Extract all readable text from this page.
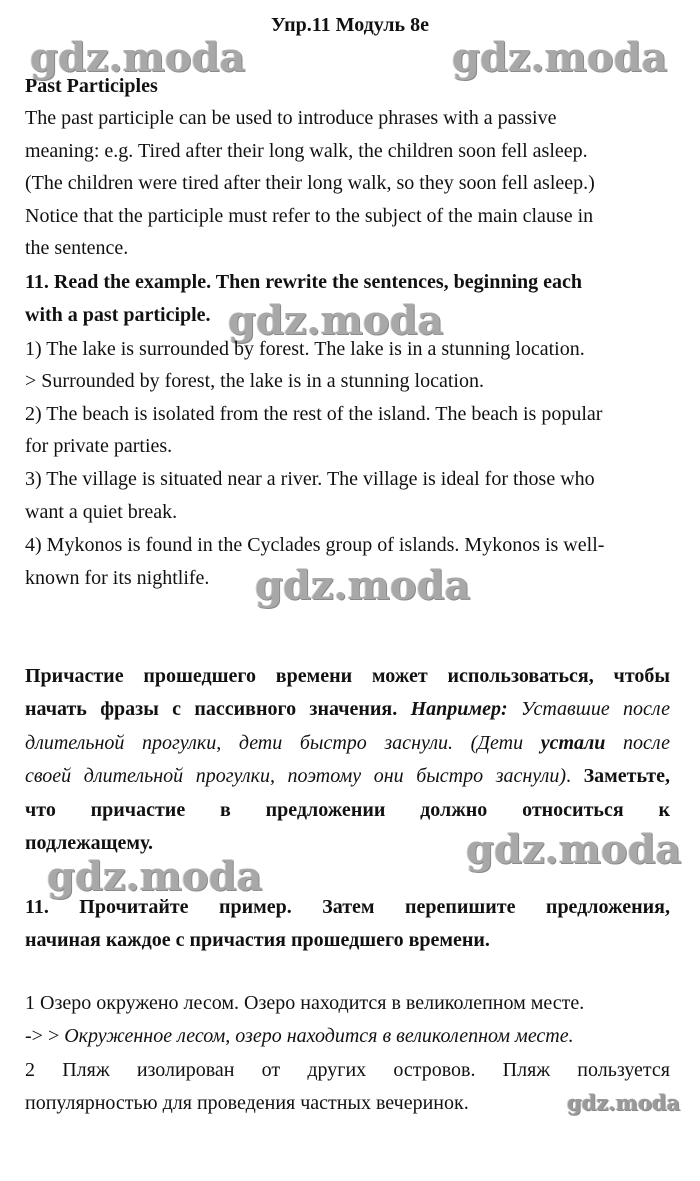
Упр.11 Модуль 8е
gdz.moda	gdz.moda
gdz.moda
gdz.moda
gdz.moda
gdz.moda
gdz.moda
Past Participles
The past participle can be used to introduce phrases with a passive
meaning: e.g. Tired after their long walk, the children soon fell asleep.
(The children were tired after their long walk, so they soon fell asleep.)
Notice that the participle must refer to the subject of the main clause in
the sentence.
11. Read the example. Then rewrite the sentences, beginning each
with a past participle.
1) The lake is surrounded by forest. The lake is in a stunning location.
> Surrounded by forest, the lake is in a stunning location.
2) The beach is isolated from the rest of the island. The beach is popular
for private parties.
3) The village is situated near a river. The village is ideal for those who
want a quiet break.
4) Mykonos is found in the Cyclades group of islands. Mykonos is well-
known for its nightlife.
Причастие прошедшего времени может использоваться, чтобы
начать фразы с пассивного значения. Например: Уставшие после
длительной прогулки, дети быстро заснули. (Дети устали после
своей длительной прогулки, поэтому они быстро заснули). Заметьте,
что причастие в предложении должно относиться к
подлежащему.
11. Прочитайте пример. Затем перепишите предложения,
начиная каждое с причастия прошедшего времени.
1 Озеро окружено лесом. Озеро находится в великолепном месте.
-> > Окруженное лесом, озеро находится в великолепном месте.
2 Пляж изолирован от других островов. Пляж пользуется
популярностью для проведения частных вечеринок.
